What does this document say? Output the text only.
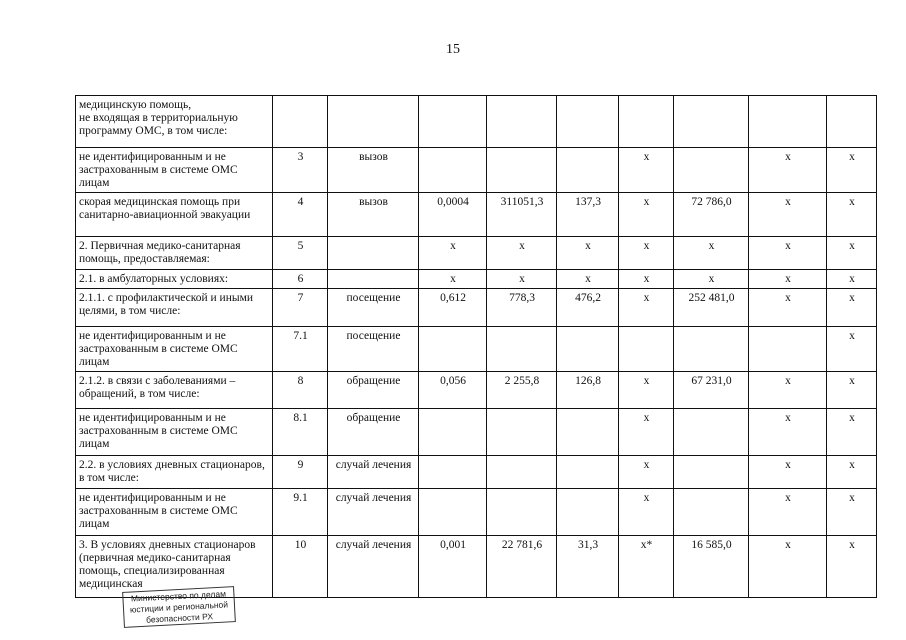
15
медицинскую помощь,
не входящая в территориальную
программу ОМС, в том числе:									
не идентифицированным и не застрахованным в системе ОМС лицам	3	вызов				х		х	х
скорая медицинская помощь при санитарно-авиационной эвакуации	4	вызов	0,0004	311051,3	137,3	х	72 786,0	х	х
2. Первичная медико-санитарная помощь, предоставляемая:	5		х	х	х	х	х	х	х
2.1. в амбулаторных условиях:	6		х	х	х	х	х	х	х
2.1.1. с профилактической и иными целями, в том числе:	7	посещение	0,612	778,3	476,2	х	252 481,0	х	х
не идентифицированным и не застрахованным в системе ОМС лицам	7.1	посещение							х
2.1.2. в связи с заболеваниями – обращений, в том числе:	8	обращение	0,056	2 255,8	126,8	х	67 231,0	х	х
не идентифицированным и не застрахованным в системе ОМС лицам	8.1	обращение				х		х	х
2.2. в условиях дневных стационаров, в том числе:	9	случай лечения				х		х	х
не идентифицированным и не застрахованным в системе ОМС лицам	9.1	случай лечения				х		х	х
3. В условиях дневных стационаров (первичная медико-санитарная помощь, специализированная медицинская	10	случай лечения	0,001	22 781,6	31,3	х*	16 585,0	х	х
Министерство по делам
юстиции и региональной
безопасности РХ
